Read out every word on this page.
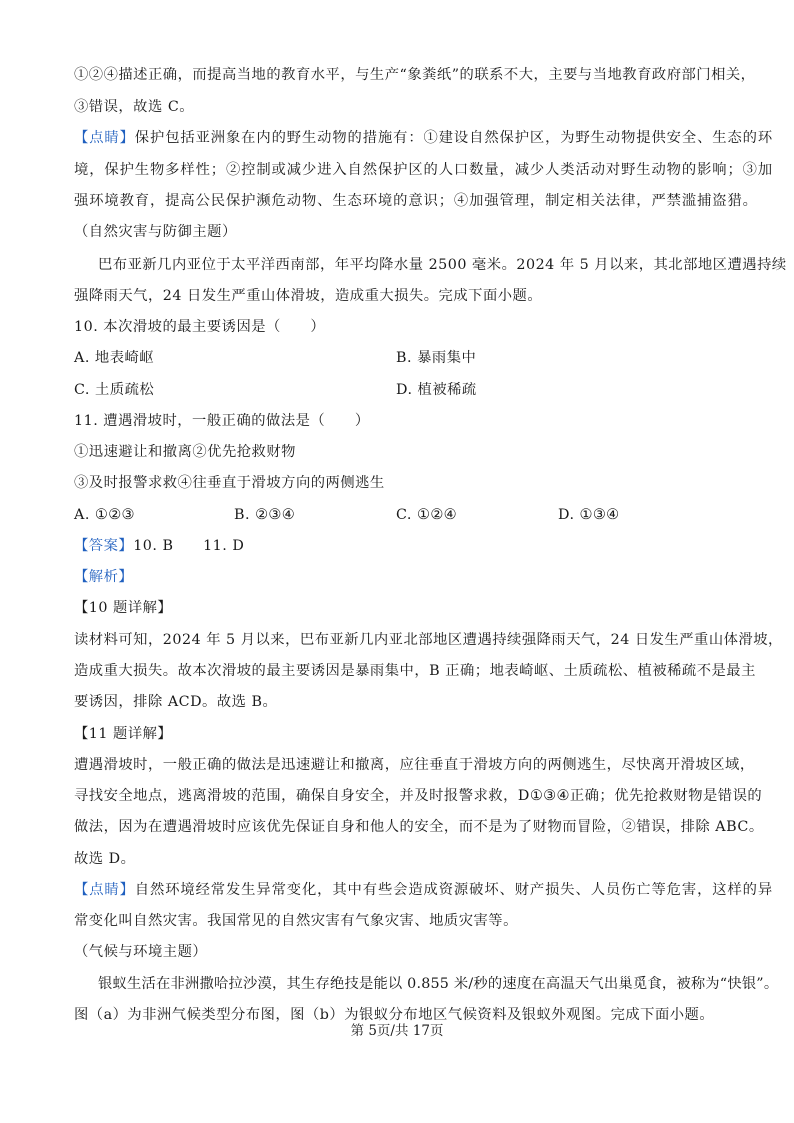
①②④描述正确，而提高当地的教育水平，与生产“象粪纸”的联系不大，主要与当地教育政府部门相关，
③错误，故选 C。
【点睛】保护包括亚洲象在内的野生动物的措施有：①建设自然保护区，为野生动物提供安全、生态的环
境，保护生物多样性；②控制或减少进入自然保护区的人口数量，减少人类活动对野生动物的影响；③加
强环境教育，提高公民保护濒危动物、生态环境的意识；④加强管理，制定相关法律，严禁滥捕盗猎。
（自然灾害与防御主题）
巴布亚新几内亚位于太平洋西南部，年平均降水量 2500 毫米。2024 年 5 月以来，其北部地区遭遇持续
强降雨天气，24 日发生严重山体滑坡，造成重大损失。完成下面小题。
10. 本次滑坡的最主要诱因是（　　）
A. 地表崎岖	B. 暴雨集中
C. 土质疏松	D. 植被稀疏
11. 遭遇滑坡时，一般正确的做法是（　　）
①迅速避让和撤离②优先抢救财物
③及时报警求救④往垂直于滑坡方向的两侧逃生
A. ①②③	B. ②③④	C. ①②④	D. ①③④
【答案】10. B　　11. D
【解析】
【10 题详解】
读材料可知，2024 年 5 月以来，巴布亚新几内亚北部地区遭遇持续强降雨天气，24 日发生严重山体滑坡，
造成重大损失。故本次滑坡的最主要诱因是暴雨集中，B 正确；地表崎岖、土质疏松、植被稀疏不是最主
要诱因，排除 ACD。故选 B。
【11 题详解】
遭遇滑坡时，一般正确的做法是迅速避让和撤离，应往垂直于滑坡方向的两侧逃生，尽快离开滑坡区域，
寻找安全地点，逃离滑坡的范围，确保自身安全，并及时报警求救，D①③④正确；优先抢救财物是错误的
做法，因为在遭遇滑坡时应该优先保证自身和他人的安全，而不是为了财物而冒险，②错误，排除 ABC。
故选 D。
【点睛】自然环境经常发生异常变化，其中有些会造成资源破坏、财产损失、人员伤亡等危害，这样的异
常变化叫自然灾害。我国常见的自然灾害有气象灾害、地质灾害等。
（气候与环境主题）
银蚁生活在非洲撒哈拉沙漠，其生存绝技是能以 0.855 米/秒的速度在高温天气出巢觅食，被称为“快银”。
图（a）为非洲气候类型分布图，图（b）为银蚁分布地区气候资料及银蚁外观图。完成下面小题。
第 5页/共 17页
